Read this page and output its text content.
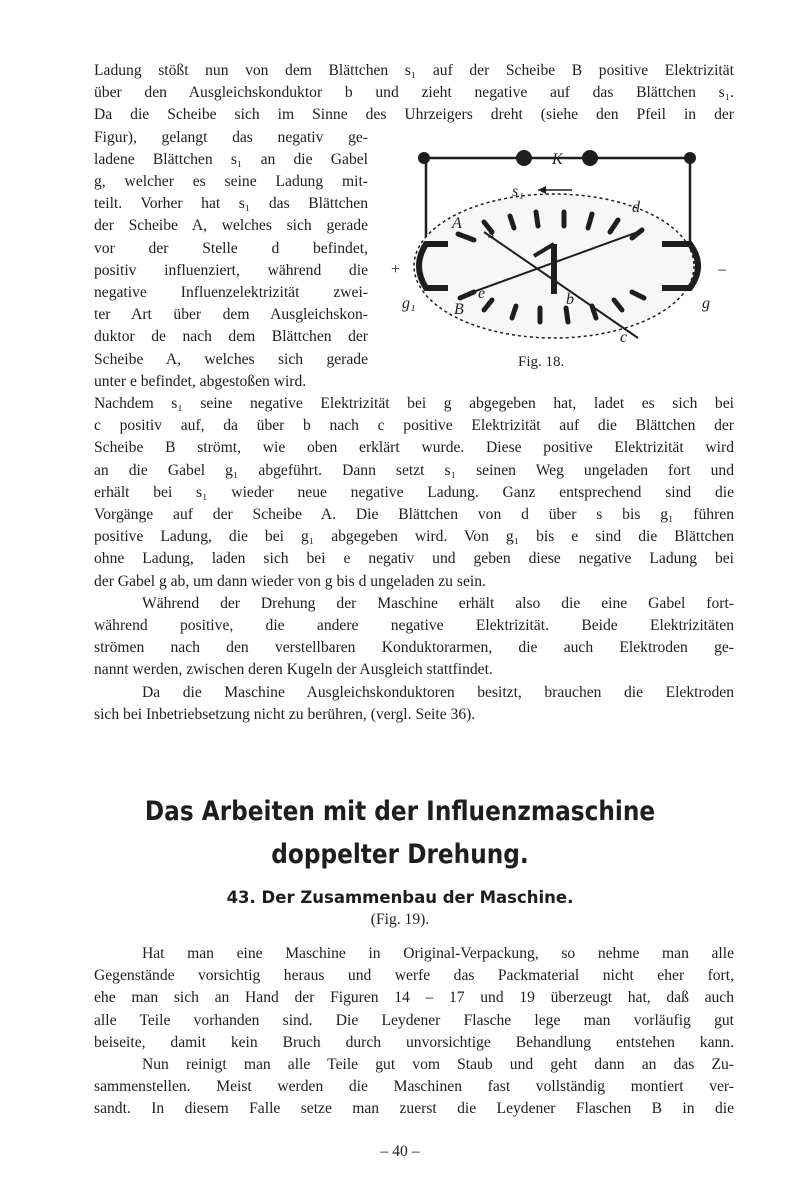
Ladung stößt nun von dem Blättchen s₁ auf der Scheibe B positive Elektrizität
über den Ausgleichskonduktor b und zieht negative auf das Blättchen s₁.
Da die Scheibe sich im Sinne des Uhrzeigers dreht (siehe den Pfeil in der
Figur), gelangt das negativ ge-
ladene Blättchen s₁ an die Gabel
g, welcher es seine Ladung mit-
teilt. Vorher hat s₁ das Blättchen
der Scheibe A, welches sich gerade
vor der Stelle d befindet,
positiv influenziert, während die
negative Influenzelektrizität zwei-
ter Art über dem Ausgleichskon-
duktor de nach dem Blättchen der
Scheibe A, welches sich gerade
unter e befindet, abgestoßen wird.
Nachdem s₁ seine negative Elektrizität bei g abgegeben hat, ladet es sich bei
c positiv auf, da über b nach c positive Elektrizität auf die Blättchen der
Scheibe B strömt, wie oben erklärt wurde. Diese positive Elektrizität wird
an die Gabel g₁ abgeführt. Dann setzt s₁ seinen Weg ungeladen fort und
erhält bei s₁ wieder neue negative Ladung. Ganz entsprechend sind die
Vorgänge auf der Scheibe A. Die Blättchen von d über s bis g₁ führen
positive Ladung, die bei g₁ abgegeben wird. Von g₁ bis e sind die Blättchen
ohne Ladung, laden sich bei e negativ und geben diese negative Ladung bei
der Gabel g ab, um dann wieder von g bis d ungeladen zu sein.
Während der Drehung der Maschine erhält also die eine Gabel fort-
während positive, die andere negative Elektrizität. Beide Elektrizitäten
strömen nach den verstellbaren Konduktorarmen, die auch Elektroden ge-
nannt werden, zwischen deren Kugeln der Ausgleich stattfindet.
Da die Maschine Ausgleichskonduktoren besitzt, brauchen die Elektroden
sich bei Inbetriebsetzung nicht zu berühren, (vergl. Seite 36).
K
s₁
d
A
s
+	–
g₁
e
B
b	g
c
Fig. 18.
Das Arbeiten mit der Influenzmaschine
doppelter Drehung.
43. Der Zusammenbau der Maschine.
(Fig. 19).
Hat man eine Maschine in Original-Verpackung, so nehme man alle
Gegenstände vorsichtig heraus und werfe das Packmaterial nicht eher fort,
ehe man sich an Hand der Figuren 14 – 17 und 19 überzeugt hat, daß auch
alle Teile vorhanden sind. Die Leydener Flasche lege man vorläufig gut
beiseite, damit kein Bruch durch unvorsichtige Behandlung entstehen kann.
Nun reinigt man alle Teile gut vom Staub und geht dann an das Zu-
sammenstellen. Meist werden die Maschinen fast vollständig montiert ver-
sandt. In diesem Falle setze man zuerst die Leydener Flaschen B in die
– 40 –
